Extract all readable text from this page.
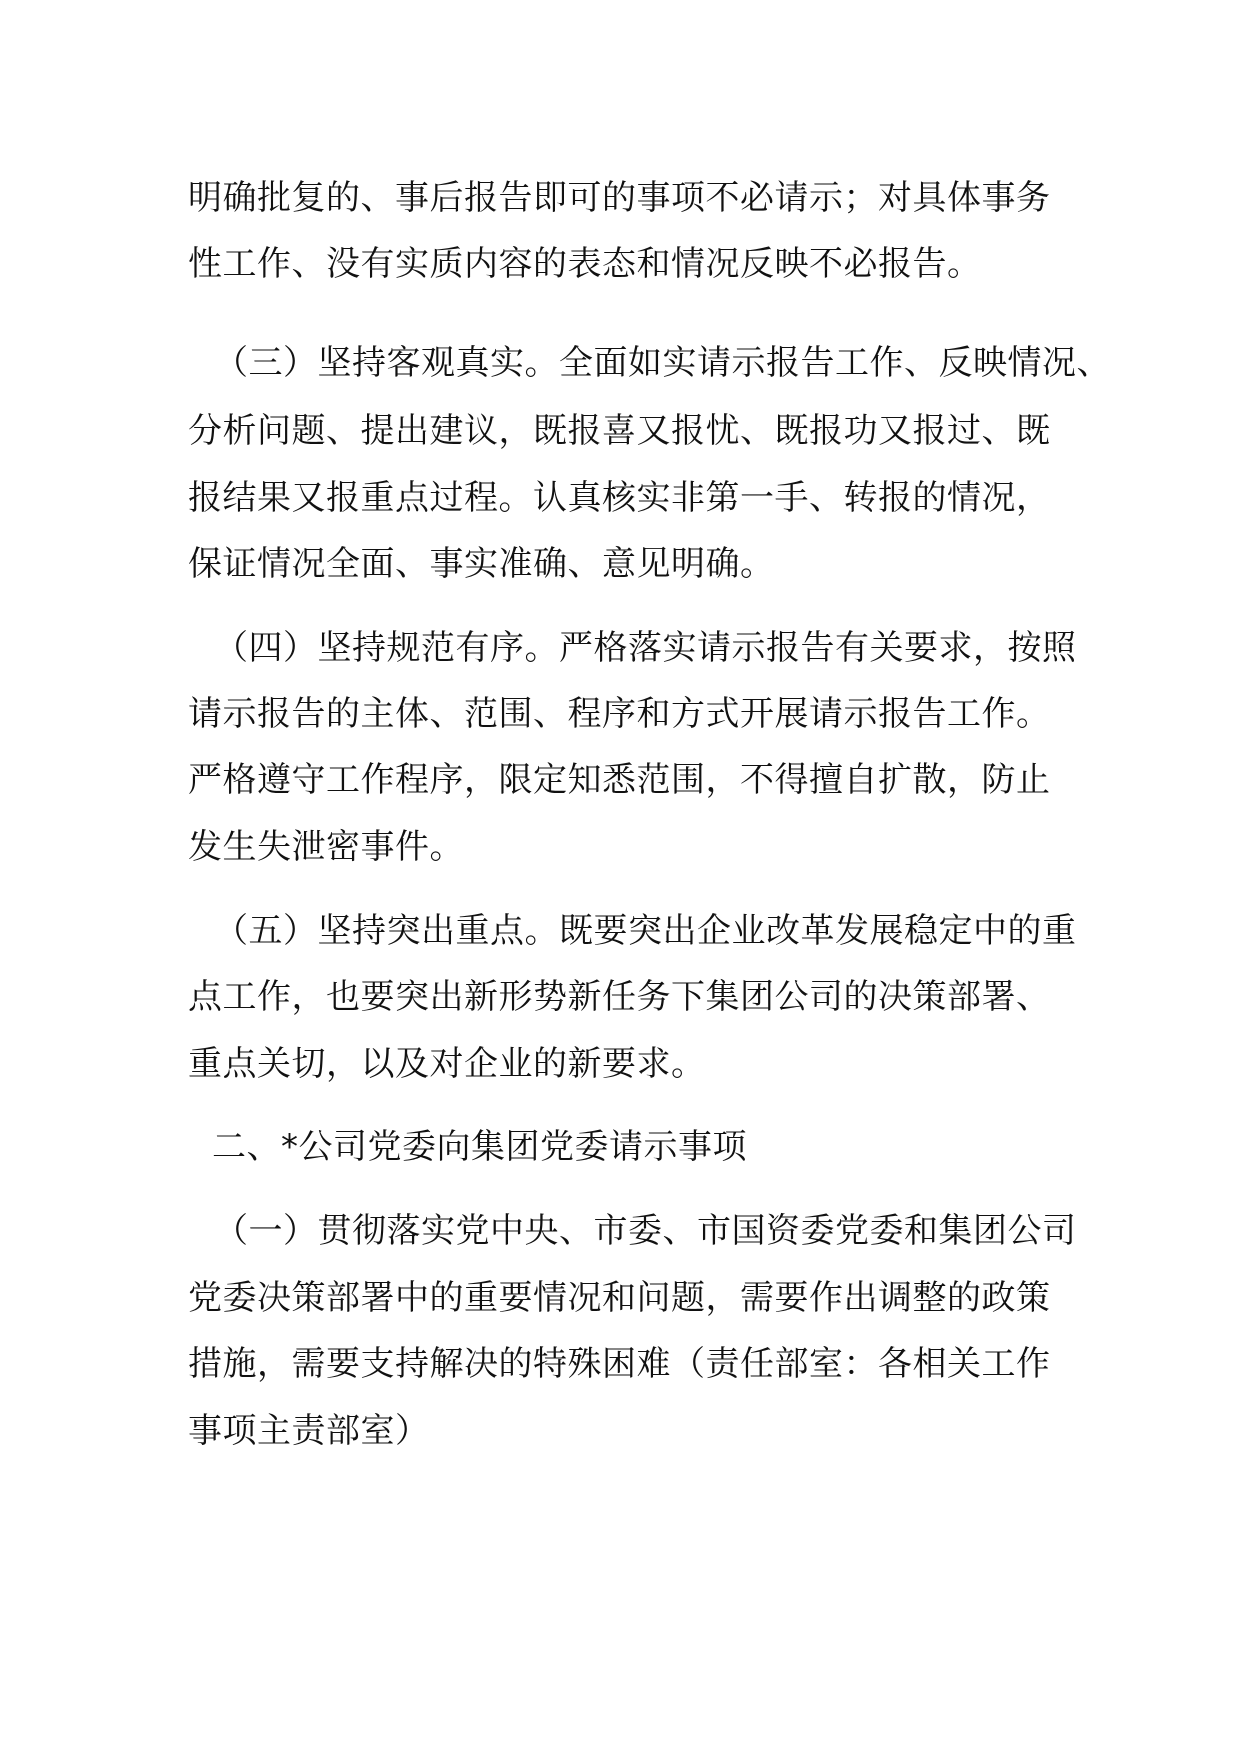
明确批复的、事后报告即可的事项不必请示；对具体事务
性工作、没有实质内容的表态和情况反映不必报告。
（三）坚持客观真实。全面如实请示报告工作、反映情况、
分析问题、提出建议，既报喜又报忧、既报功又报过、既
报结果又报重点过程。认真核实非第一手、转报的情况，
保证情况全面、事实准确、意见明确。
（四）坚持规范有序。严格落实请示报告有关要求，按照
请示报告的主体、范围、程序和方式开展请示报告工作。
严格遵守工作程序，限定知悉范围，不得擅自扩散，防止
发生失泄密事件。
（五）坚持突出重点。既要突出企业改革发展稳定中的重
点工作，也要突出新形势新任务下集团公司的决策部署、
重点关切，以及对企业的新要求。
二、*公司党委向集团党委请示事项
（一）贯彻落实党中央、市委、市国资委党委和集团公司
党委决策部署中的重要情况和问题，需要作出调整的政策
措施，需要支持解决的特殊困难（责任部室：各相关工作
事项主责部室）
